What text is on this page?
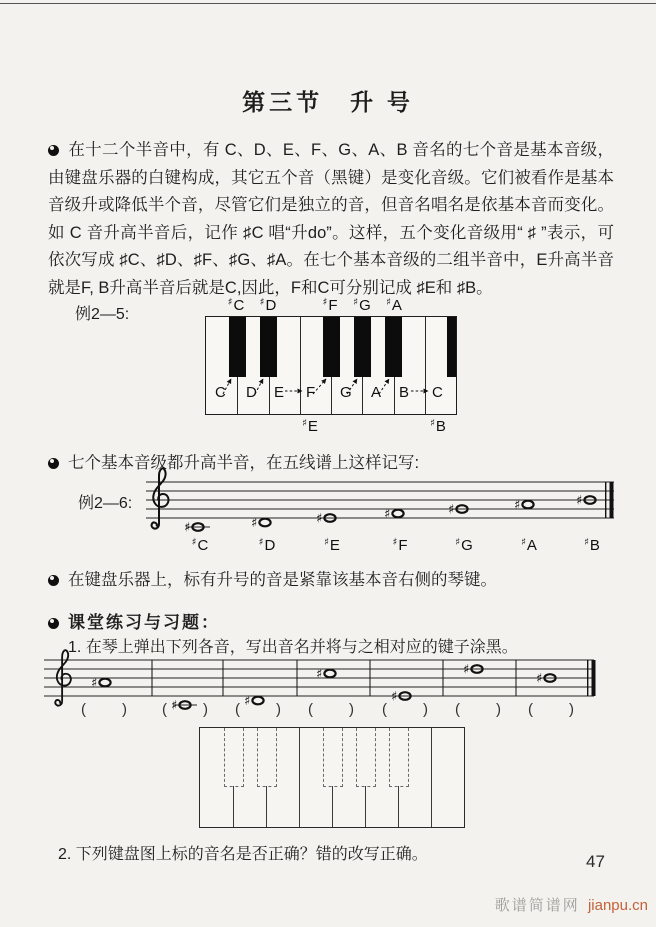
第三节　升 号
在十二个半音中，有 C、D、E、F、G、A、B 音名的七个音是基本音级，由键盘乐器的白键构成，其它五个音（黑键）是变化音级。它们被看作是基本音级升或降低半个音，尽管它们是独立的音，但音名唱名是依基本音而变化。如 C 音升高半音后，记作 ♯C 唱“升do”。这样，五个变化音级用“ ♯ ”表示，可依次写成 ♯C、♯D、♯F、♯G、♯A。在七个基本音级的二组半音中，E升高半音就是F, B升高半音后就是C,因此，F和C可分别记成 ♯E和 ♯B。
例2—5:
♯C ♯D	♯F ♯G ♯A
C D E F G A B C
♯E	♯B
七个基本音级都升高半音，在五线谱上这样记写:
例2—6:
♯	♯	♯	♯	♯	♯	♯
♯C	♯D	♯E	♯F	♯G	♯A	♯B
在键盘乐器上，标有升号的音是紧靠该基本音右侧的琴键。
课堂练习与习题：
1. 在琴上弹出下列各音，写出音名并将与之相对应的键子涂黑。
♯
♯	♯
♯
♯
♯
♯
( ) ( ) ( ) ( ) ( ) ( ) ( )
2. 下列键盘图上标的音名是否正确？错的改写正确。	47
歌谱简谱网 jianpu.cn
